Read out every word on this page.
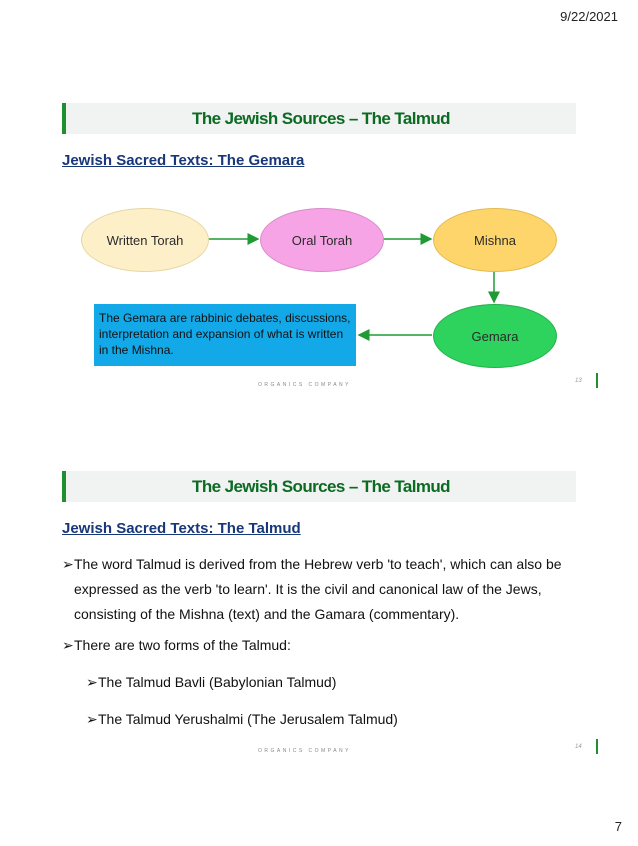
9/22/2021
The Jewish Sources – The Talmud
Jewish Sacred Texts: The Gemara
Written Torah	Oral Torah	Mishna
Gemara
The Gemara are rabbinic debates, discussions, interpretation and expansion of what is written in the Mishna.
ORGANICS COMPANY
13
The Jewish Sources – The Talmud
Jewish Sacred Texts: The Talmud
➢ The word Talmud is derived from the Hebrew verb 'to teach', which can also be expressed as the verb 'to learn'. It is the civil and canonical law of the Jews, consisting of the Mishna (text) and the Gamara (commentary).
➢ There are two forms of the Talmud:
➢ The Talmud Bavli (Babylonian Talmud)
➢ The Talmud Yerushalmi (The Jerusalem Talmud)
ORGANICS COMPANY
14
7
